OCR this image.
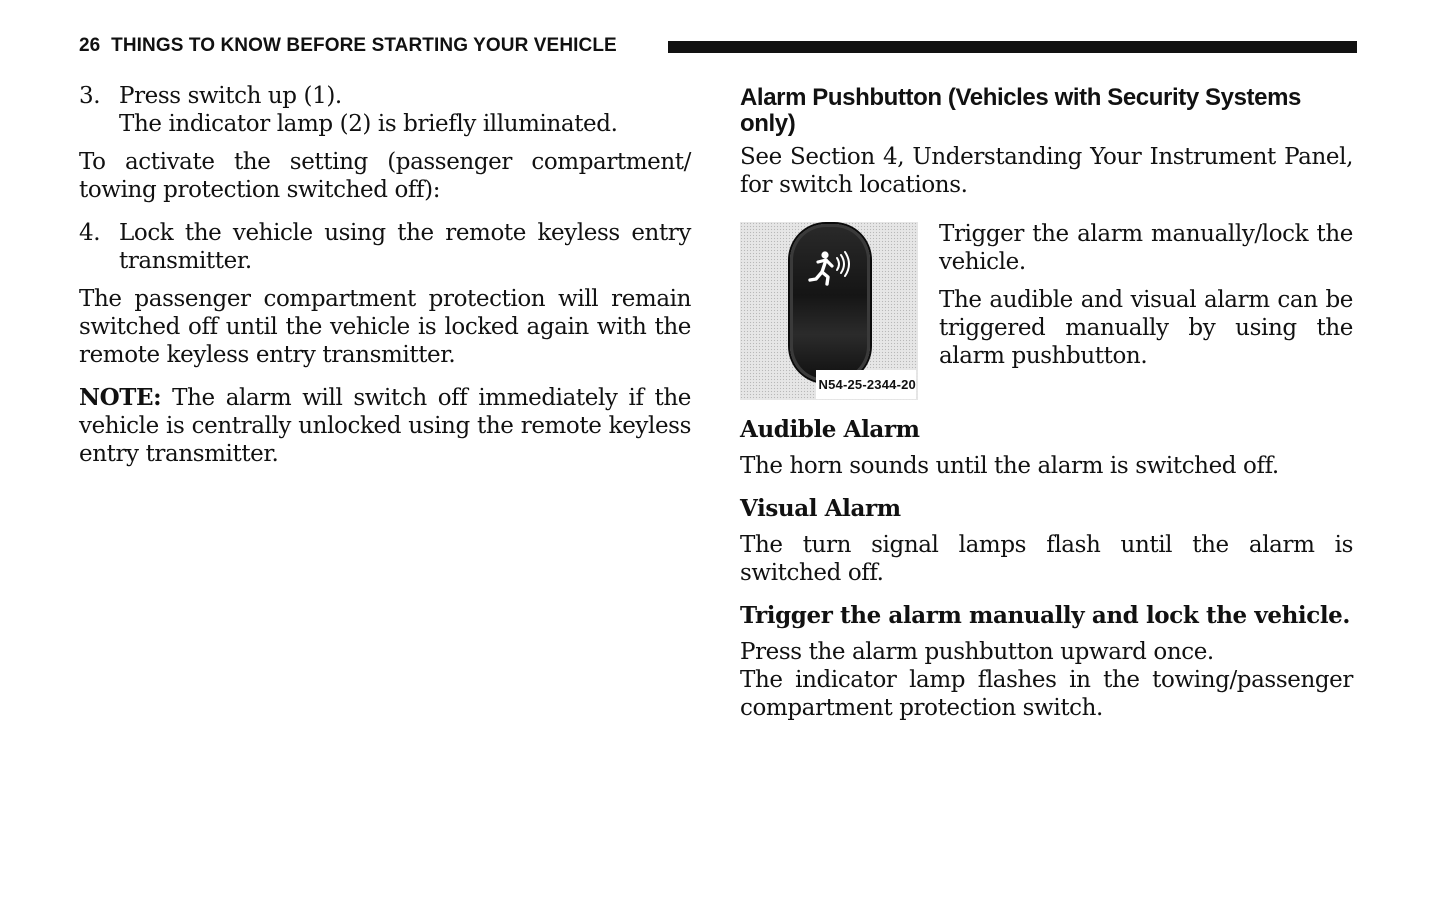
26 THINGS TO KNOW BEFORE STARTING YOUR VEHICLE
3. Press switch up (1).
The indicator lamp (2) is briefly illuminated.

To activate the setting (passenger compartment/ towing protection switched off):

4. Lock the vehicle using the remote keyless entry transmitter.

The passenger compartment protection will remain switched off until the vehicle is locked again with the remote keyless entry transmitter.

NOTE: The alarm will switch off immediately if the vehicle is centrally unlocked using the remote keyless entry transmitter.

Alarm Pushbutton (Vehicles with Security Systems only)

See Section 4, Understanding Your Instrument Panel, for switch locations.

N54-25-2344-20

Trigger the alarm manually/lock the vehicle.

The audible and visual alarm can be triggered manually by using the alarm pushbutton.

Audible Alarm

The horn sounds until the alarm is switched off.

Visual Alarm

The turn signal lamps flash until the alarm is switched off.

Trigger the alarm manually and lock the vehicle.

Press the alarm pushbutton upward once.

The indicator lamp flashes in the towing/passenger compartment protection switch.
